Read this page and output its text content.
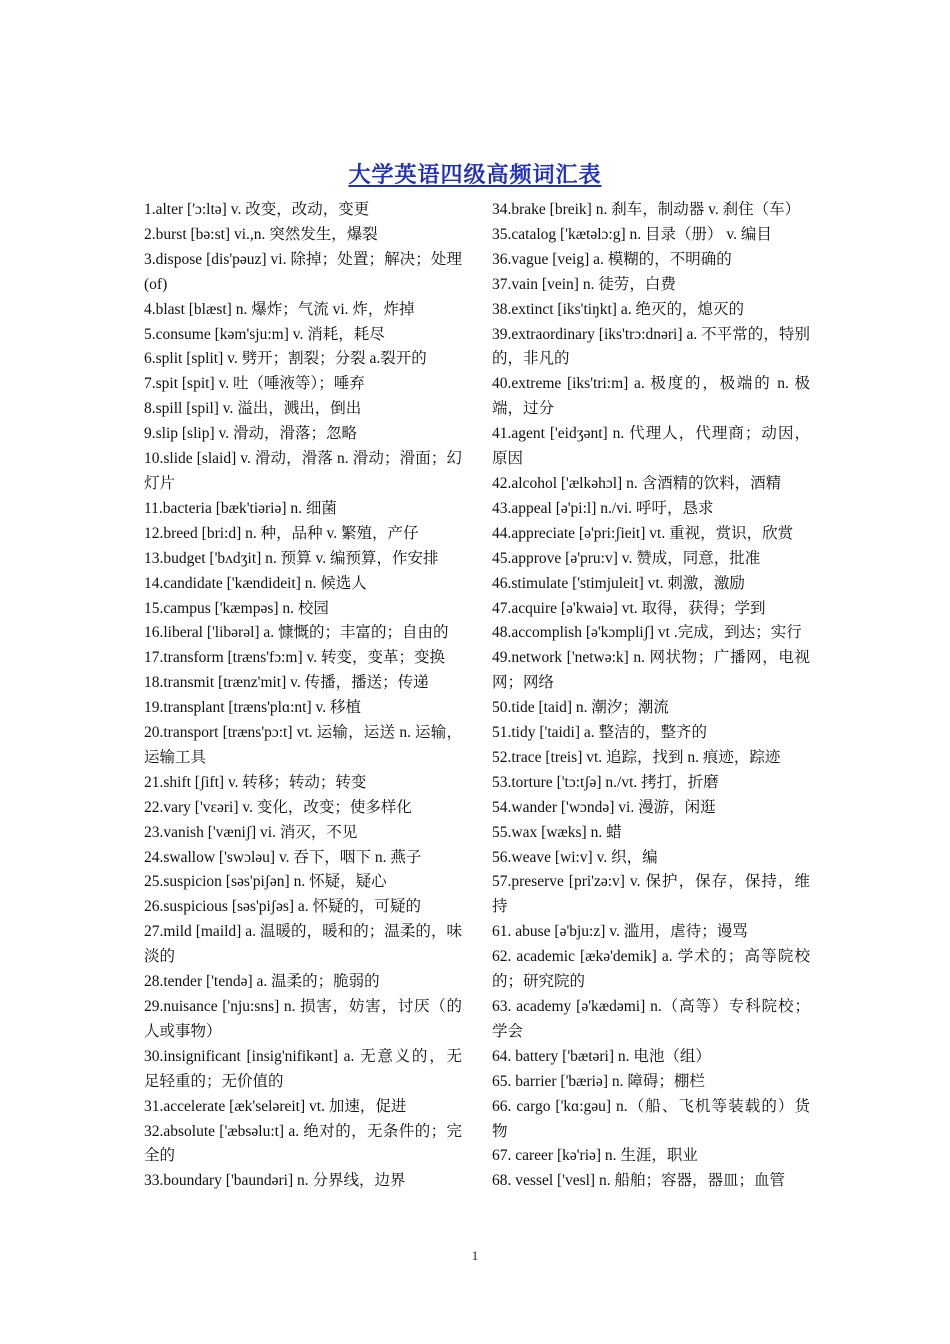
大学英语四级高频词汇表

1.alter ['ɔ:ltə] v. 改变，改动，变更

2.burst [bə:st] vi.,n. 突然发生，爆裂

3.dispose [dis'pəuz] vi. 除掉；处置；解决；处理(of)

4.blast [blæst] n. 爆炸；气流 vi. 炸，炸掉

5.consume [kəm'sju:m] v. 消耗，耗尽

6.split [split] v. 劈开；割裂；分裂 a.裂开的

7.spit [spit] v. 吐（唾液等）；唾弃

8.spill [spil] v. 溢出，溅出，倒出

9.slip [slip] v. 滑动，滑落；忽略

10.slide [slaid] v. 滑动，滑落 n. 滑动；滑面；幻灯片

11.bacteria [bæk'tiəriə] n. 细菌

12.breed [bri:d] n. 种，品种 v. 繁殖，产仔

13.budget ['bʌdʒit] n. 预算 v. 编预算，作安排

14.candidate ['kændideit] n. 候选人

15.campus ['kæmpəs] n. 校园

16.liberal ['libərəl] a. 慷慨的；丰富的；自由的

17.transform [træns'fɔ:m] v. 转变，变革；变换

18.transmit [trænz'mit] v. 传播，播送；传递

19.transplant [træns'plɑ:nt] v. 移植

20.transport [træns'pɔ:t] vt. 运输，运送 n. 运输，运输工具

21.shift [ʃift] v. 转移；转动；转变

22.vary ['vɛəri] v. 变化，改变；使多样化

23.vanish ['væniʃ] vi. 消灭，不见

24.swallow ['swɔləu] v. 吞下，咽下 n. 燕子

25.suspicion [səs'piʃən] n. 怀疑，疑心

26.suspicious [səs'piʃəs] a. 怀疑的，可疑的

27.mild [maild] a. 温暖的，暖和的；温柔的，味淡的

28.tender ['tendə] a. 温柔的；脆弱的

29.nuisance ['nju:sns] n. 损害，妨害，讨厌（的人或事物）

30.insignificant [insig'nifikənt] a. 无意义的，无足轻重的；无价值的

31.accelerate [æk'seləreit] vt. 加速，促进

32.absolute ['æbsəlu:t] a. 绝对的，无条件的；完全的

33.boundary ['baundəri] n. 分界线，边界

34.brake [breik] n. 刹车，制动器 v. 刹住（车）

35.catalog ['kætəlɔ:g] n. 目录（册） v. 编目

36.vague [veig] a. 模糊的，不明确的

37.vain [vein] n. 徒劳，白费

38.extinct [iks'tiŋkt] a. 绝灭的，熄灭的

39.extraordinary [iks'trɔ:dnəri] a. 不平常的，特别的，非凡的

40.extreme [iks'tri:m] a. 极度的，极端的 n. 极端，过分

41.agent ['eidʒənt] n. 代理人，代理商；动因，原因

42.alcohol ['ælkəhɔl] n. 含酒精的饮料，酒精

43.appeal [ə'pi:l] n./vi. 呼吁，恳求

44.appreciate [ə'pri:ʃieit] vt. 重视，赏识，欣赏

45.approve [ə'pru:v] v. 赞成，同意，批准

46.stimulate ['stimjuleit] vt. 刺激，激励

47.acquire [ə'kwaiə] vt. 取得，获得；学到

48.accomplish [ə'kɔmpliʃ] vt .完成，到达；实行

49.network ['netwə:k] n. 网状物；广播网，电视网；网络

50.tide [taid] n. 潮汐；潮流

51.tidy ['taidi] a. 整洁的，整齐的

52.trace [treis] vt. 追踪，找到 n. 痕迹，踪迹

53.torture ['tɔ:tʃə] n./vt. 拷打，折磨

54.wander ['wɔndə] vi. 漫游，闲逛

55.wax [wæks] n. 蜡

56.weave [wi:v] v. 织，编

57.preserve [pri'zə:v] v. 保护，保存，保持，维持

61. abuse [ə'bju:z] v. 滥用，虐待；谩骂

62. academic [ækə'demik] a. 学术的；高等院校的；研究院的

63. academy [ə'kædəmi] n.（高等）专科院校；学会

64. battery ['bætəri] n. 电池（组）

65. barrier ['bæriə] n. 障碍；棚栏

66. cargo ['kɑ:gəu] n.（船、飞机等装载的）货物

67. career [kə'riə] n. 生涯，职业

68. vessel ['vesl] n. 船舶；容器，器皿；血管

1
